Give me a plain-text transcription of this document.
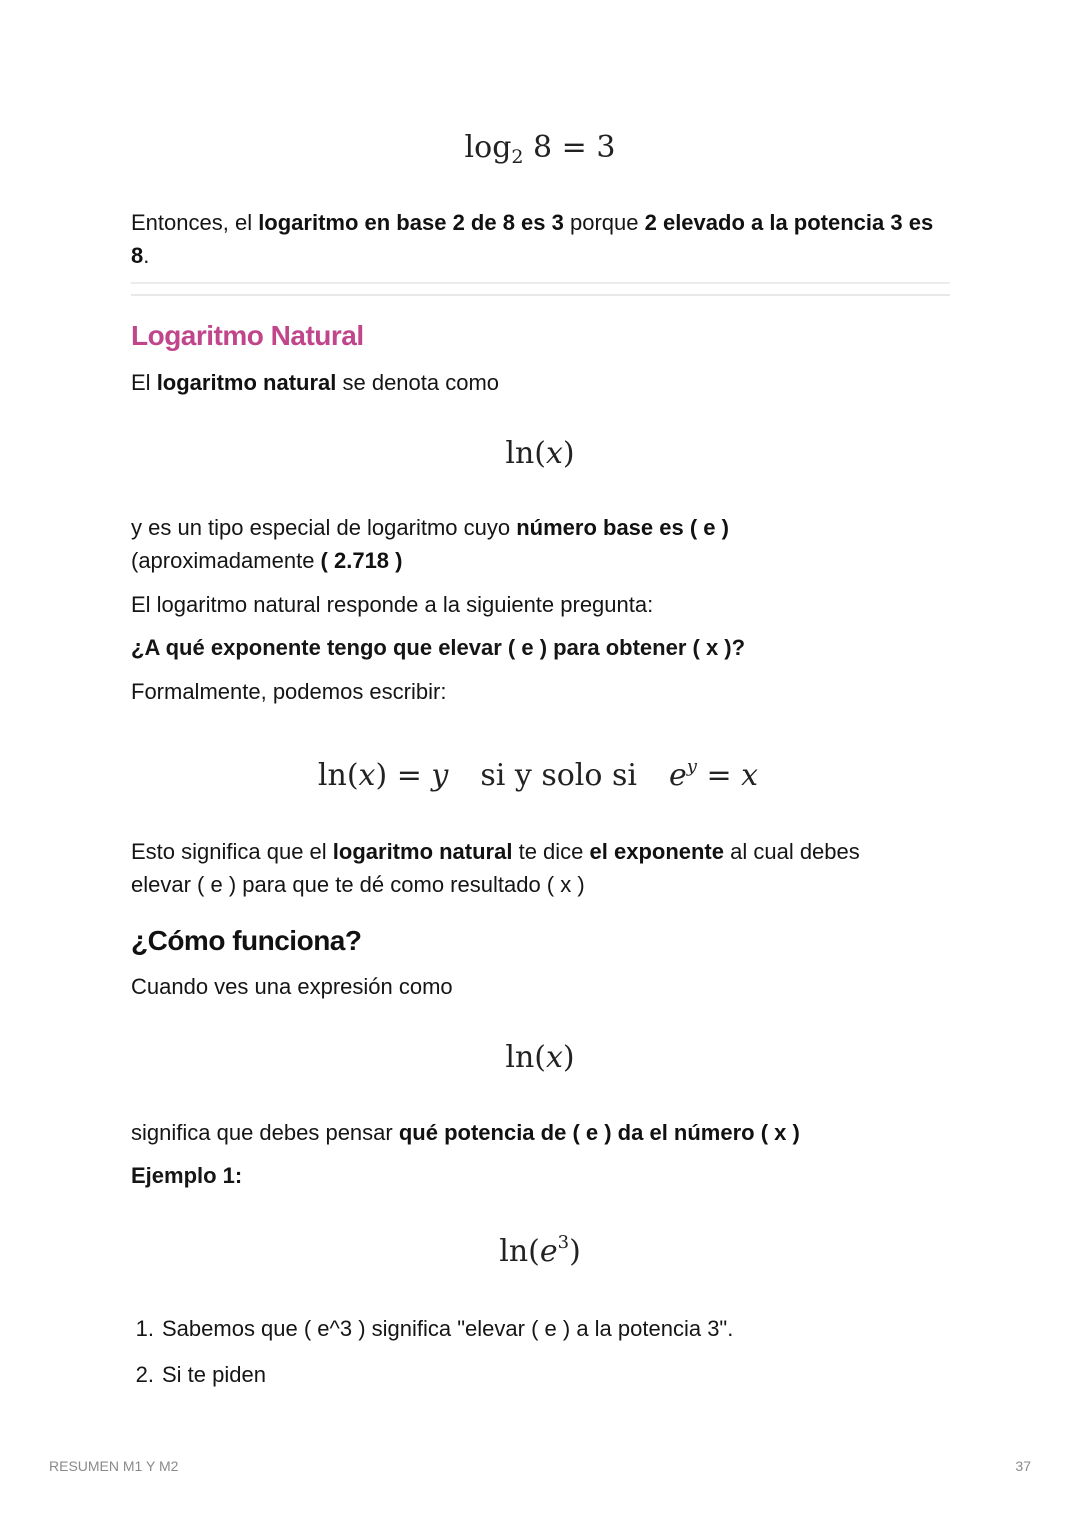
$\log_2 8 = 3$
Entonces, el logaritmo en base 2 de 8 es 3 porque 2 elevado a la potencia 3 es 8.
Logaritmo Natural
El logaritmo natural se denota como
ln(x)
y es un tipo especial de logaritmo cuyo número base es ( e )
(aproximadamente ( 2.718 )
El logaritmo natural responde a la siguiente pregunta:
¿A qué exponente tengo que elevar ( e ) para obtener ( x )?
Formalmente, podemos escribir:
ln(x) = y si y solo si $e^y = x$
Esto significa que el logaritmo natural te dice el exponente al cual debes elevar ( e ) para que te dé como resultado ( x )
¿Cómo funciona?
Cuando ves una expresión como
ln(x)
significa que debes pensar qué potencia de ( e ) da el número ( x )
Ejemplo 1:
$\ln(e^3)$
1. Sabemos que ( e^3 ) significa "elevar ( e ) a la potencia 3".
2. Si te piden
RESUMEN M1 Y M2	37
